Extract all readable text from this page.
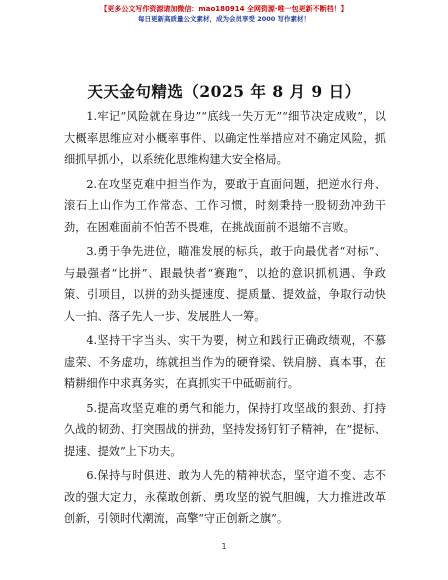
【更多公文写作资源请加微信：mao180914 全网资源·唯一包更新不断档！】
每日更新高质量公文素材，成为会员享受 2000 写作素材！
天天金句精选（2025 年 8 月 9 日）

1.牢记“风险就在身边”“底线一失万无”“细节决定成败”，以大概率思维应对小概率事件、以确定性举措应对不确定风险，抓细抓早抓小，以系统化思维构建大安全格局。

2.在攻坚克难中担当作为，要敢于直面问题，把逆水行舟、滚石上山作为工作常态、工作习惯，时刻秉持一股韧劲冲劲干劲，在困难面前不怕苦不畏难，在挑战面前不退缩不言败。

3.勇于争先进位，瞄准发展的标兵，敢于向最优者“对标”、与最强者“比拼”、跟最快者“赛跑”，以抢的意识抓机遇、争政策、引项目，以拼的劲头提速度、提质量、提效益，争取行动快人一拍、落子先人一步、发展胜人一筹。

4.坚持干字当头、实干为要，树立和践行正确政绩观，不慕虚荣、不务虚功，练就担当作为的硬脊梁、铁肩膀、真本事，在精耕细作中求真务实，在真抓实干中砥砺前行。

5.提高攻坚克难的勇气和能力，保持打攻坚战的狠劲、打持久战的韧劲、打突围战的拼劲，坚持发扬钉钉子精神，在“提标、提速、提效”上下功夫。

6.保持与时俱进、敢为人先的精神状态，坚守道不变、志不改的强大定力，永葆敢创新、勇攻坚的锐气胆魄，大力推进改革创新，引领时代潮流，高擎“守正创新之旗”。

1
